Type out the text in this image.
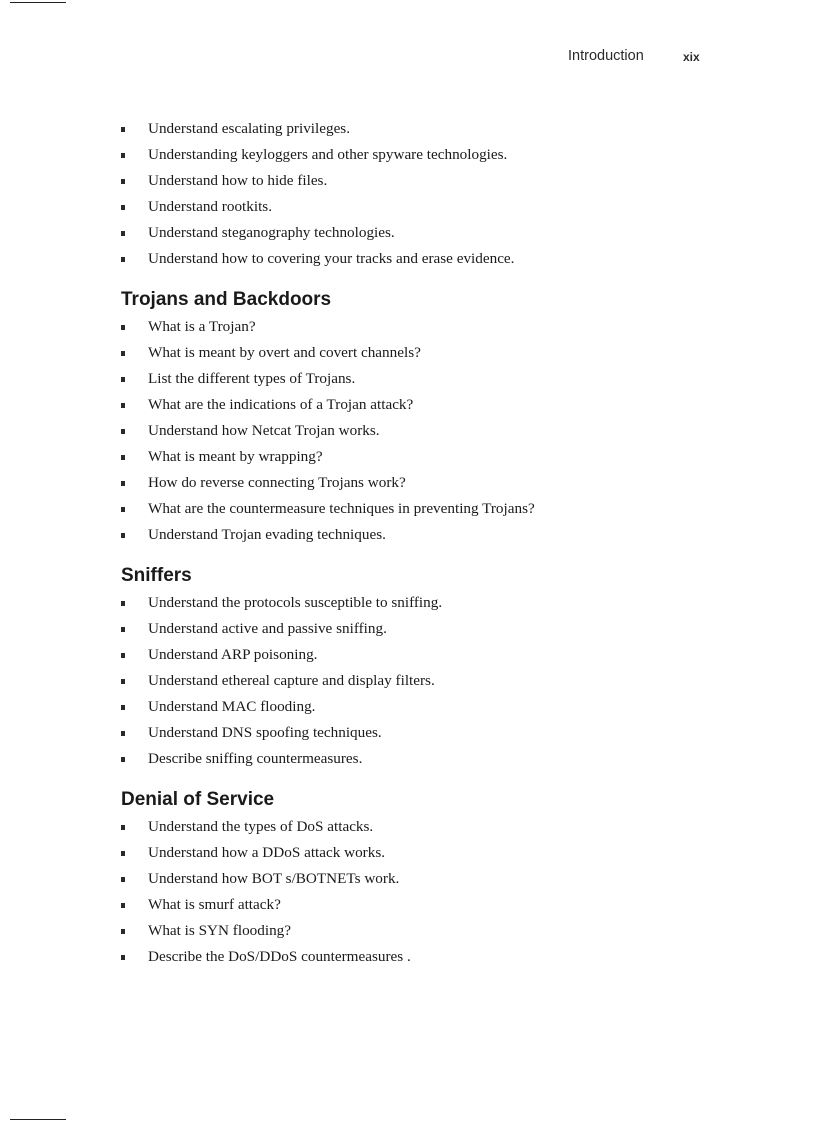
Introduction	xix
Understand escalating privileges.
Understanding keyloggers and other spyware technologies.
Understand how to hide files.
Understand rootkits.
Understand steganography technologies.
Understand how to covering your tracks and erase evidence.
Trojans and Backdoors
What is a Trojan?
What is meant by overt and covert channels?
List the different types of Trojans.
What are the indications of a Trojan attack?
Understand how Netcat Trojan works.
What is meant by wrapping?
How do reverse connecting Trojans work?
What are the countermeasure techniques in preventing Trojans?
Understand Trojan evading techniques.
Sniffers
Understand the protocols susceptible to sniffing.
Understand active and passive sniffing.
Understand ARP poisoning.
Understand ethereal capture and display filters.
Understand MAC flooding.
Understand DNS spoofing techniques.
Describe sniffing countermeasures.
Denial of Service
Understand the types of DoS attacks.
Understand how a DDoS attack works.
Understand how BOT s/BOTNETs work.
What is smurf attack?
What is SYN flooding?
Describe the DoS/DDoS countermeasures .
